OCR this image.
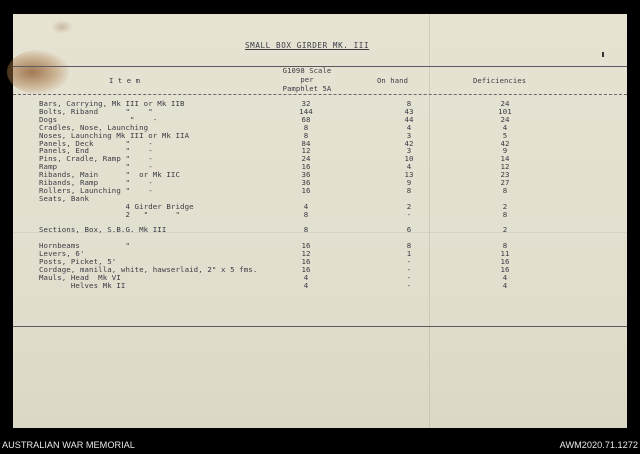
SMALL BOX GIRDER MK. III
I t e m
G1098 Scale
per
Pamphlet 5A
On hand	Deficiencies
Bars, Carrying, Mk III or Mk IIB	32	8	24
Bolts, Riband      "    "	144	43	101
Dogs                "    -	68	44	24
Cradles, Nose, Launching	8	4	4
Noses, Launching Mk III or Mk IIA	8	3	5
Panels, Deck       "    -	84	42	42
Panels, End        "    -	12	3	9
Pins, Cradle, Ramp "    -	24	10	14
Ramp               "    -	16	4	12
Ribands, Main      "  or Mk IIC	36	13	23
Ribands, Ramp      "    -	36	9	27
Rollers, Launching "    -	16	8	8
Seats, Bank
4 Girder Bridge	4	2	2
2   "      "	8	-	8
Sections, Box, S.B.G. Mk III	8	6	2
Hornbeams          "	16	8	8
Levers, 6'	12	1	11
Posts, Picket, 5'	16	-	16
Cordage, manilla, white, hawserlaid, 2" x 5 fms.	16	-	16
Mauls, Head  Mk VI	4	-	4
Helves Mk II	4	-	4
AUSTRALIAN WAR MEMORIAL	AWM2020.71.1272
